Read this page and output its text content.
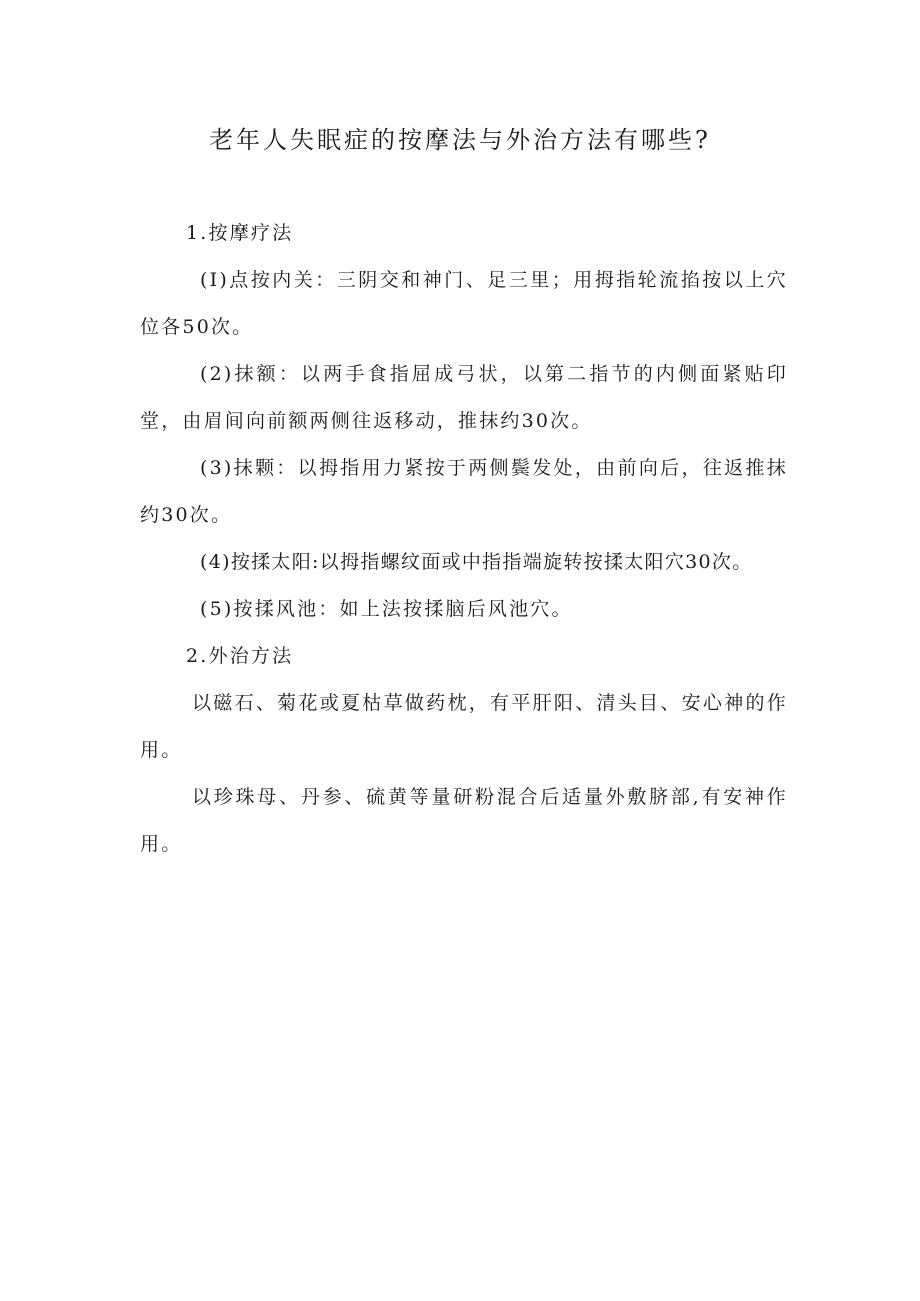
老年人失眠症的按摩法与外治方法有哪些?

1.按摩疗法

(I)点按内关：三阴交和神门、足三里；用拇指轮流掐按以上穴位各50次。

(2)抹额：以两手食指屈成弓状，以第二指节的内侧面紧贴印堂，由眉间向前额两侧往返移动，推抹约30次。

(3)抹颗：以拇指用力紧按于两侧鬓发处，由前向后，往返推抹约30次。

(4)按揉太阳:以拇指螺纹面或中指指端旋转按揉太阳穴30次。

(5)按揉风池：如上法按揉脑后风池穴。

2.外治方法

以磁石、菊花或夏枯草做药枕，有平肝阳、清头目、安心神的作用。

以珍珠母、丹参、硫黄等量研粉混合后适量外敷脐部,有安神作用。
